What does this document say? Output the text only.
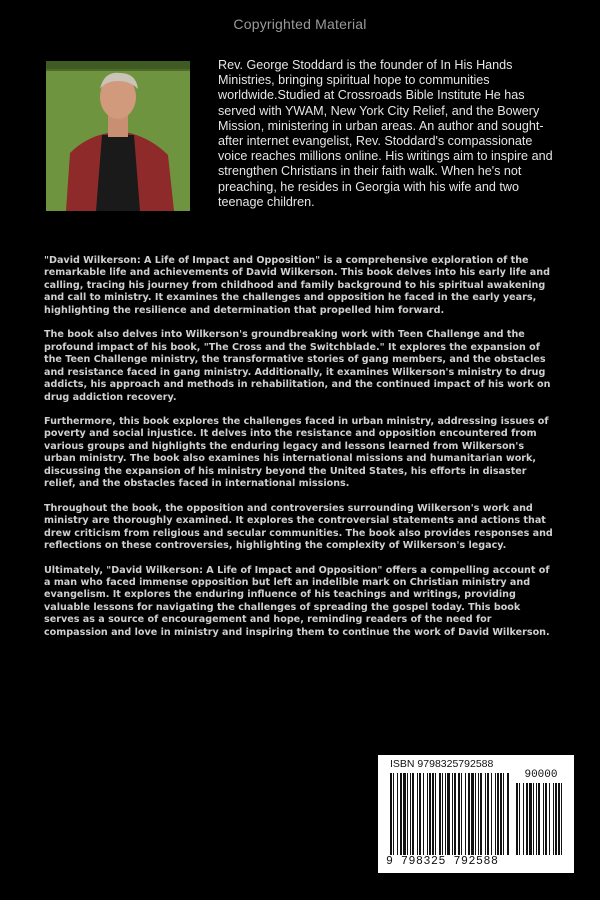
Copyrighted Material
Rev. George Stoddard is the founder of In His Hands Ministries, bringing spiritual hope to communities worldwide.Studied at Crossroads Bible Institute He has served with YWAM, New York City Relief, and the Bowery Mission, ministering in urban areas. An author and sought-after internet evangelist, Rev. Stoddard's compassionate voice reaches millions online. His writings aim to inspire and strengthen Christians in their faith walk. When he's not preaching, he resides in Georgia with his wife and two teenage children.

"David Wilkerson: A Life of Impact and Opposition" is a comprehensive exploration of the remarkable life and achievements of David Wilkerson. This book delves into his early life and calling, tracing his journey from childhood and family background to his spiritual awakening and call to ministry. It examines the challenges and opposition he faced in the early years, highlighting the resilience and determination that propelled him forward.

The book also delves into Wilkerson's groundbreaking work with Teen Challenge and the profound impact of his book, "The Cross and the Switchblade." It explores the expansion of the Teen Challenge ministry, the transformative stories of gang members, and the obstacles and resistance faced in gang ministry. Additionally, it examines Wilkerson's ministry to drug addicts, his approach and methods in rehabilitation, and the continued impact of his work on drug addiction recovery.

Furthermore, this book explores the challenges faced in urban ministry, addressing issues of poverty and social injustice. It delves into the resistance and opposition encountered from various groups and highlights the enduring legacy and lessons learned from Wilkerson's urban ministry. The book also examines his international missions and humanitarian work, discussing the expansion of his ministry beyond the United States, his efforts in disaster relief, and the obstacles faced in international missions.

Throughout the book, the opposition and controversies surrounding Wilkerson's work and ministry are thoroughly examined. It explores the controversial statements and actions that drew criticism from religious and secular communities. The book also provides responses and reflections on these controversies, highlighting the complexity of Wilkerson's legacy.

Ultimately, "David Wilkerson: A Life of Impact and Opposition" offers a compelling account of a man who faced immense opposition but left an indelible mark on Christian ministry and evangelism. It explores the enduring influence of his teachings and writings, providing valuable lessons for navigating the challenges of spreading the gospel today. This book serves as a source of encouragement and hope, reminding readers of the need for compassion and love in ministry and inspiring them to continue the work of David Wilkerson.

ISBN 9798325792588
90000
9 798325 792588
